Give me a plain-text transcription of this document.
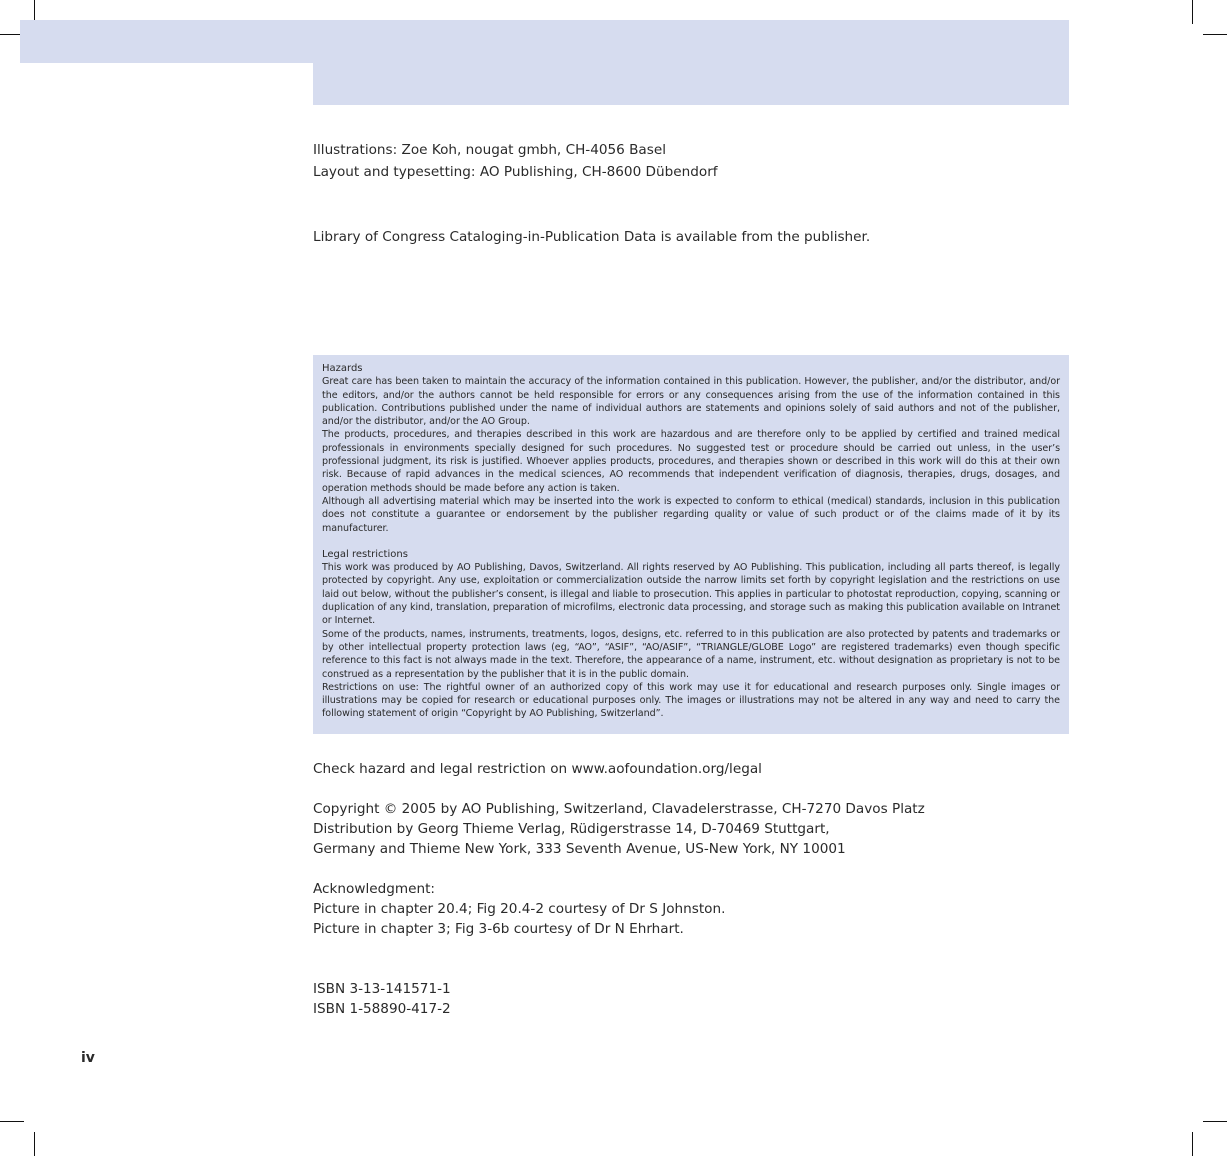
Illustrations: Zoe Koh, nougat gmbh, CH-4056 Basel

Layout and typesetting: AO Publishing, CH-8600 Dübendorf

Library of Congress Cataloging-in-Publication Data is available from the publisher.

Hazards

Great care has been taken to maintain the accuracy of the information contained in this publication. However, the publisher, and/or the distributor, and/or the editors, and/or the authors cannot be held responsible for errors or any consequences arising from the use of the information contained in this publication. Contributions published under the name of individual authors are statements and opinions solely of said authors and not of the publisher, and/or the distributor, and/or the AO Group.

The products, procedures, and therapies described in this work are hazardous and are therefore only to be applied by certified and trained medical professionals in environments specially designed for such procedures. No suggested test or procedure should be carried out unless, in the user’s professional judgment, its risk is justified. Whoever applies products, procedures, and therapies shown or described in this work will do this at their own risk. Because of rapid advances in the medical sciences, AO recommends that independent verification of diagnosis, therapies, drugs, dosages, and operation methods should be made before any action is taken.

Although all advertising material which may be inserted into the work is expected to conform to ethical (medical) standards, inclusion in this publication does not constitute a guarantee or endorsement by the publisher regarding quality or value of such product or of the claims made of it by its manufacturer.

Legal restrictions

This work was produced by AO Publishing, Davos, Switzerland. All rights reserved by AO Publishing. This publication, including all parts thereof, is legally protected by copyright. Any use, exploitation or commercialization outside the narrow limits set forth by copyright legislation and the restrictions on use laid out below, without the publisher’s consent, is illegal and liable to prosecution. This applies in particular to photostat reproduction, copying, scanning or duplication of any kind, translation, preparation of microfilms, electronic data processing, and storage such as making this publication available on Intranet or Internet.

Some of the products, names, instruments, treatments, logos, designs, etc. referred to in this publication are also protected by patents and trademarks or by other intellectual property protection laws (eg, “AO”, “ASIF”, “AO/ASIF”, “TRIANGLE/GLOBE Logo” are registered trademarks) even though specific reference to this fact is not always made in the text. Therefore, the appearance of a name, instrument, etc. without designation as proprietary is not to be construed as a representation by the publisher that it is in the public domain.

Restrictions on use: The rightful owner of an authorized copy of this work may use it for educational and research purposes only. Single images or illustrations may be copied for research or educational purposes only. The images or illustrations may not be altered in any way and need to carry the following statement of origin “Copyright by AO Publishing, Switzerland”.

Check hazard and legal restriction on www.aofoundation.org/legal

Copyright © 2005 by AO Publishing, Switzerland, Clavadelerstrasse, CH-7270 Davos Platz

Distribution by Georg Thieme Verlag, Rüdigerstrasse 14, D-70469 Stuttgart,

Germany and Thieme New York, 333 Seventh Avenue, US-New York, NY 10001

Acknowledgment:

Picture in chapter 20.4; Fig 20.4-2 courtesy of Dr S Johnston.

Picture in chapter 3; Fig 3-6b courtesy of Dr N Ehrhart.

ISBN 3-13-141571-1

ISBN 1-58890-417-2

iv
